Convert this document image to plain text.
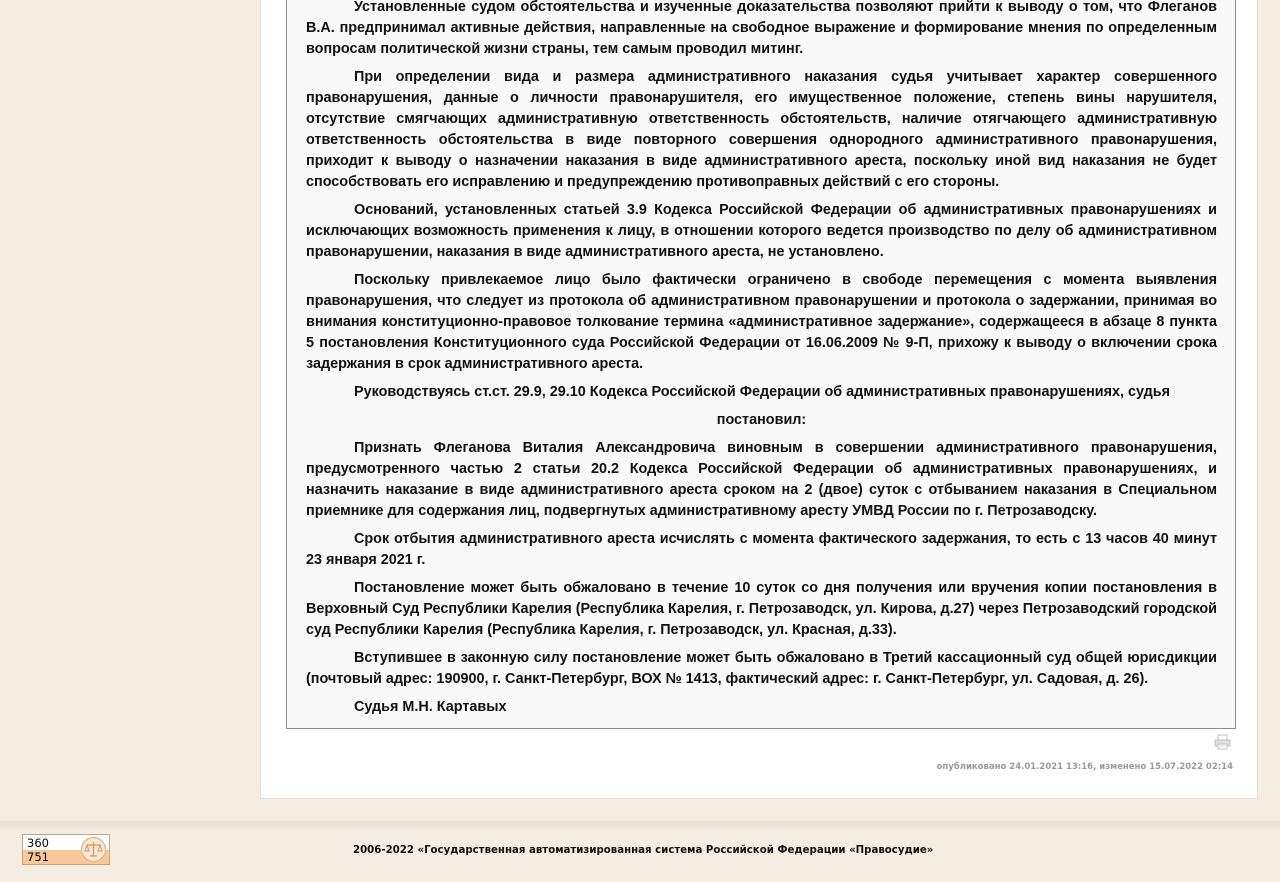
Установленные судом обстоятельства и изученные доказательства позволяют прийти к выводу о том, что Флеганов В.А. предпринимал активные действия, направленные на свободное выражение и формирование мнения по определенным вопросам политической жизни страны, тем самым проводил митинг.

При определении вида и размера административного наказания судья учитывает характер совершенного правонарушения, данные о личности правонарушителя, его имущественное положение, степень вины нарушителя, отсутствие смягчающих административную ответственность обстоятельств, наличие отягчающего административную ответственность обстоятельства в виде повторного совершения однородного административного правонарушения, приходит к выводу о назначении наказания в виде административного ареста, поскольку иной вид наказания не будет способствовать его исправлению и предупреждению противоправных действий с его стороны.

Оснований, установленных статьей 3.9 Кодекса Российской Федерации об административных правонарушениях и исключающих возможность применения к лицу, в отношении которого ведется производство по делу об административном правонарушении, наказания в виде административного ареста, не установлено.

Поскольку привлекаемое лицо было фактически ограничено в свободе перемещения с момента выявления правонарушения, что следует из протокола об административном правонарушении и протокола о задержании, принимая во внимания конституционно-правовое толкование термина «административное задержание», содержащееся в абзаце 8 пункта 5 постановления Конституционного суда Российской Федерации от 16.06.2009 № 9-П, прихожу к выводу о включении срока задержания в срок административного ареста.

Руководствуясь ст.ст. 29.9, 29.10 Кодекса Российской Федерации об административных правонарушениях, судья

постановил:

Признать Флеганова Виталия Александровича виновным в совершении административного правонарушения, предусмотренного частью 2 статьи 20.2 Кодекса Российской Федерации об административных правонарушениях, и назначить наказание в виде административного ареста сроком на 2 (двое) суток с отбыванием наказания в Специальном приемнике для содержания лиц, подвергнутых административному аресту УМВД России по г. Петрозаводску.

Срок отбытия административного ареста исчислять с момента фактического задержания, то есть с 13 часов 40 минут 23 января 2021 г.

Постановление может быть обжаловано в течение 10 суток со дня получения или вручения копии постановления в Верховный Суд Республики Карелия (Республика Карелия, г. Петрозаводск, ул. Кирова, д.27) через Петрозаводский городской суд Республики Карелия (Республика Карелия, г. Петрозаводск, ул. Красная, д.33).

Вступившее в законную силу постановление может быть обжаловано в Третий кассационный суд общей юрисдикции (почтовый адрес: 190900, г. Санкт-Петербург, ВОХ № 1413, фактический адрес: г. Санкт-Петербург, ул. Садовая, д. 26).

Судья М.Н. Картавых

опубликовано 24.01.2021 13:16, изменено 15.07.2022 02:14
360
751	2006-2022 «Государственная автоматизированная система Российской Федерации «Правосудие»
